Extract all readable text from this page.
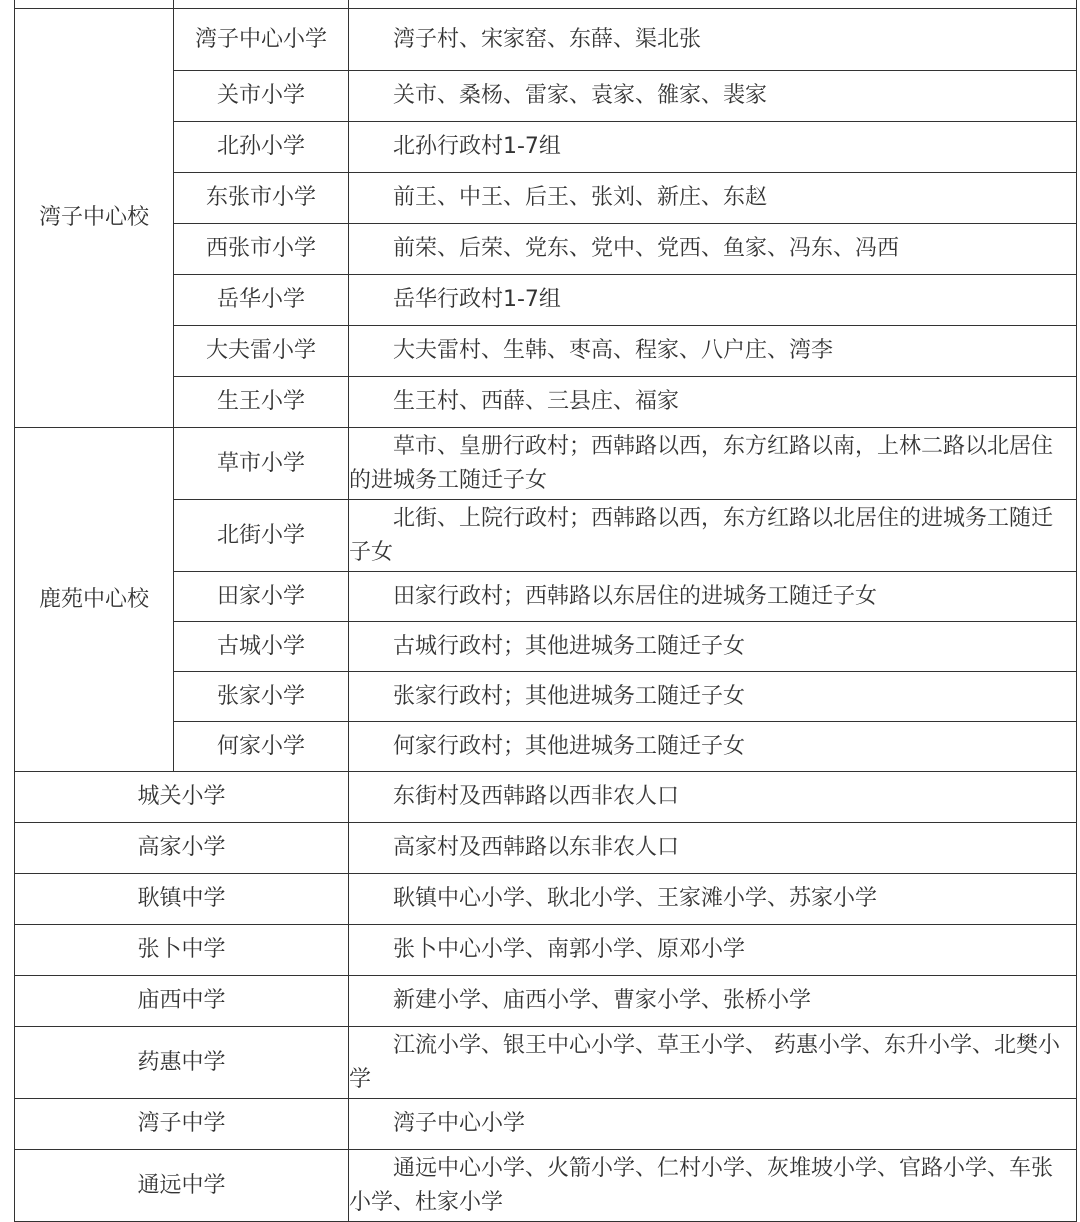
湾子中心校	湾子中心小学	湾子村、宋家窑、东薛、渠北张
	关市小学	关市、桑杨、雷家、袁家、雒家、裴家
	北孙小学	北孙行政村1-7组
	东张市小学	前王、中王、后王、张刘、新庄、东赵
	西张市小学	前荣、后荣、党东、党中、党西、鱼家、冯东、冯西
	岳华小学	岳华行政村1-7组
	大夫雷小学	大夫雷村、生韩、枣高、程家、八户庄、湾李
	生王小学	生王村、西薛、三县庄、福家
鹿苑中心校	草市小学	草市、皇册行政村；西韩路以西，东方红路以南，上林二路以北居住的进城务工随迁子女
	北街小学	北街、上院行政村；西韩路以西，东方红路以北居住的进城务工随迁子女
	田家小学	田家行政村；西韩路以东居住的进城务工随迁子女
	古城小学	古城行政村；其他进城务工随迁子女
	张家小学	张家行政村；其他进城务工随迁子女
	何家小学	何家行政村；其他进城务工随迁子女
城关小学		东街村及西韩路以西非农人口
高家小学		高家村及西韩路以东非农人口
耿镇中学		耿镇中心小学、耿北小学、王家滩小学、苏家小学
张卜中学		张卜中心小学、南郭小学、原邓小学
庙西中学		新建小学、庙西小学、曹家小学、张桥小学
药惠中学		江流小学、银王中心小学、草王小学、 药惠小学、东升小学、北樊小学
湾子中学		湾子中心小学
通远中学		通远中心小学、火箭小学、仁村小学、灰堆坡小学、官路小学、车张小学、杜家小学
